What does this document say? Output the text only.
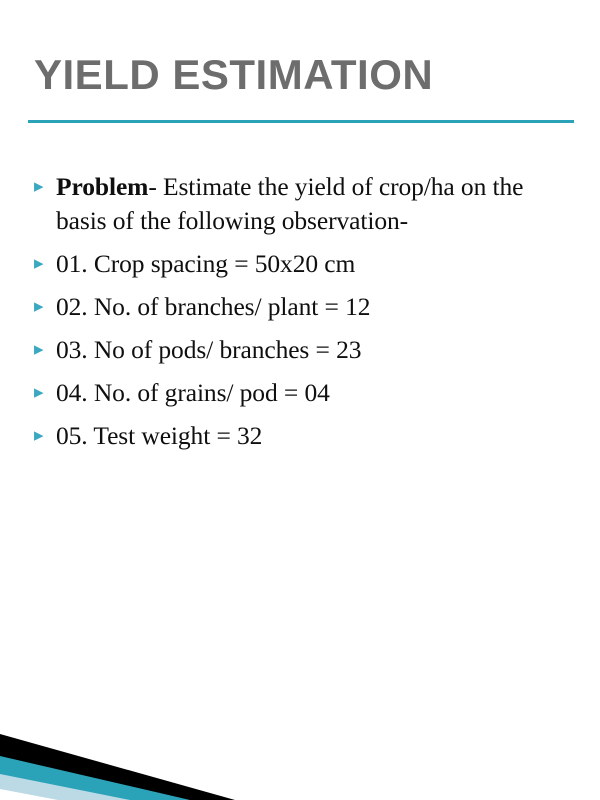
YIELD ESTIMATION
▸ Problem- Estimate the yield of crop/ha on the basis of the following observation-
▸ 01. Crop spacing = 50x20 cm
▸ 02. No. of branches/ plant = 12
▸ 03. No of pods/ branches = 23
▸ 04. No. of grains/ pod = 04
▸ 05. Test weight = 32
